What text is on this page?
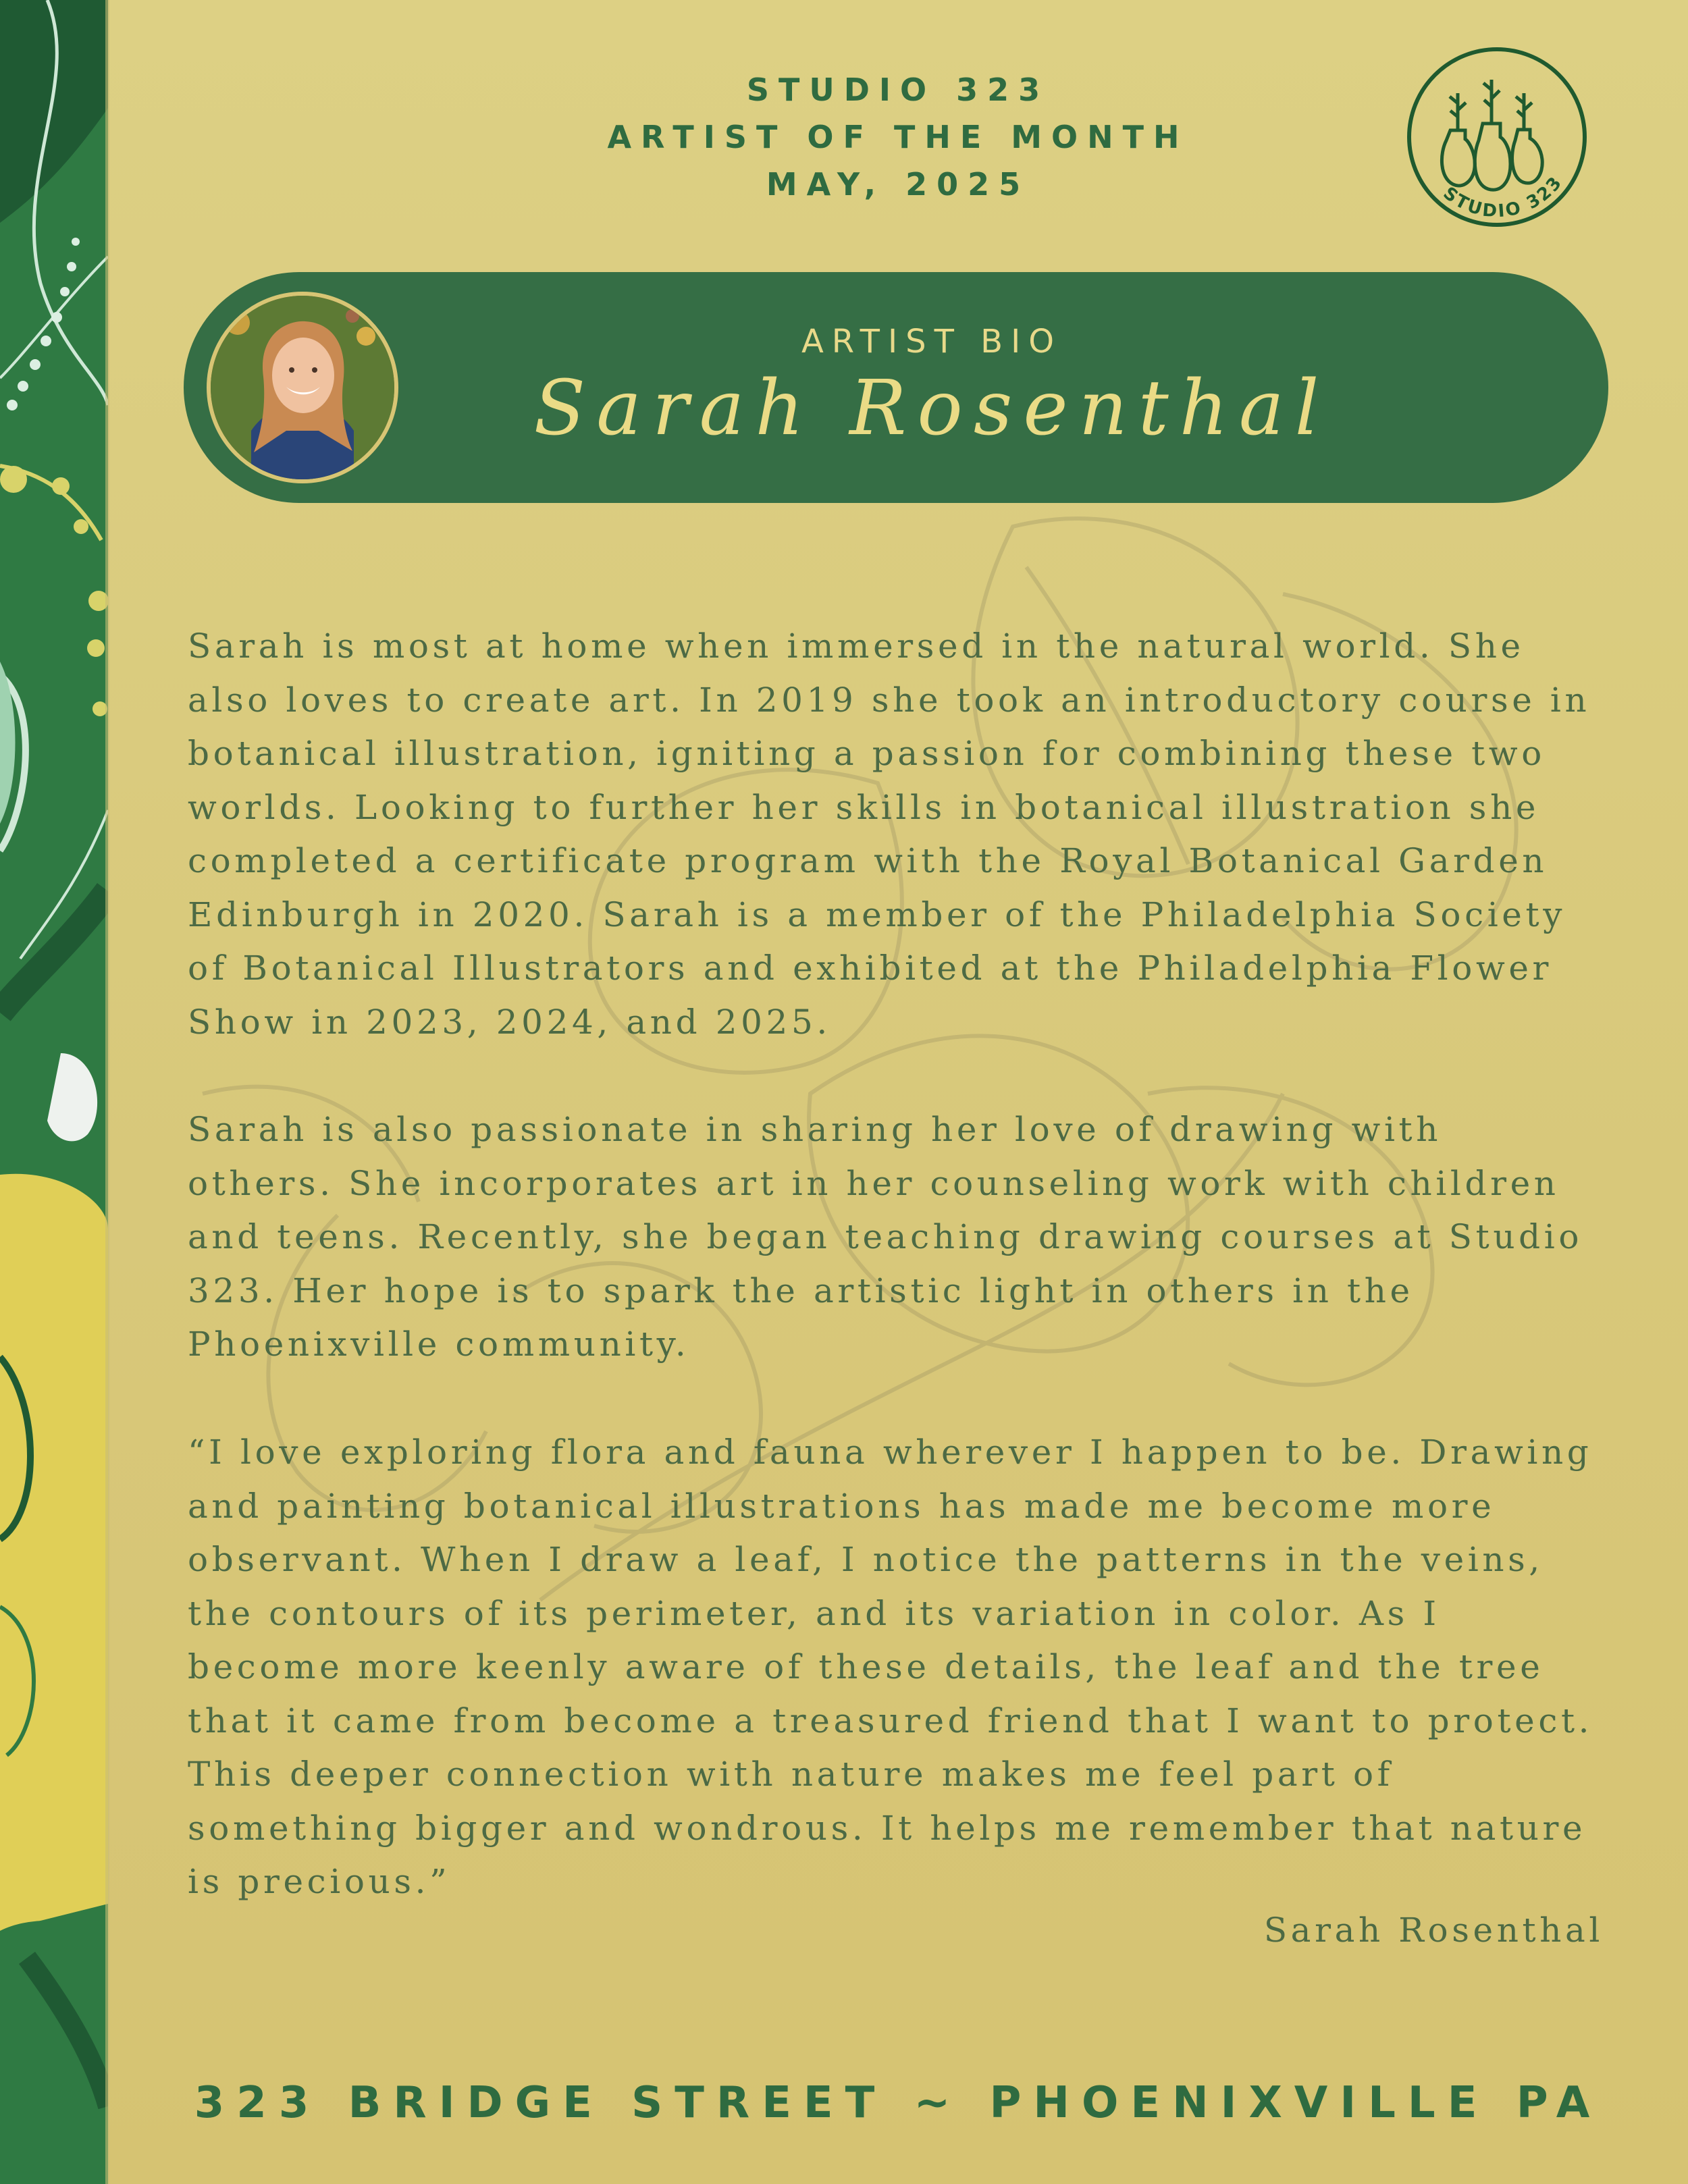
STUDIO 323
ARTIST OF THE MONTH
MAY, 2025	STUDIO 323
ARTIST BIO
Sarah Rosenthal

Sarah is most at home when immersed in the natural world. She
also loves to create art. In 2019 she took an introductory course in
botanical illustration, igniting a passion for combining these two
worlds. Looking to further her skills in botanical illustration she
completed a certificate program with the Royal Botanical Garden
Edinburgh in 2020. Sarah is a member of the Philadelphia Society
of Botanical Illustrators and exhibited at the Philadelphia Flower
Show in 2023, 2024, and 2025.

Sarah is also passionate in sharing her love of drawing with
others. She incorporates art in her counseling work with children
and teens. Recently, she began teaching drawing courses at Studio
323. Her hope is to spark the artistic light in others in the
Phoenixville community.

“I love exploring flora and fauna wherever I happen to be. Drawing
and painting botanical illustrations has made me become more
observant. When I draw a leaf, I notice the patterns in the veins,
the contours of its perimeter, and its variation in color. As I
become more keenly aware of these details, the leaf and the tree
that it came from become a treasured friend that I want to protect.
This deeper connection with nature makes me feel part of
something bigger and wondrous. It helps me remember that nature
is precious.”

Sarah Rosenthal
323 BRIDGE STREET ~ PHOENIXVILLE PA
